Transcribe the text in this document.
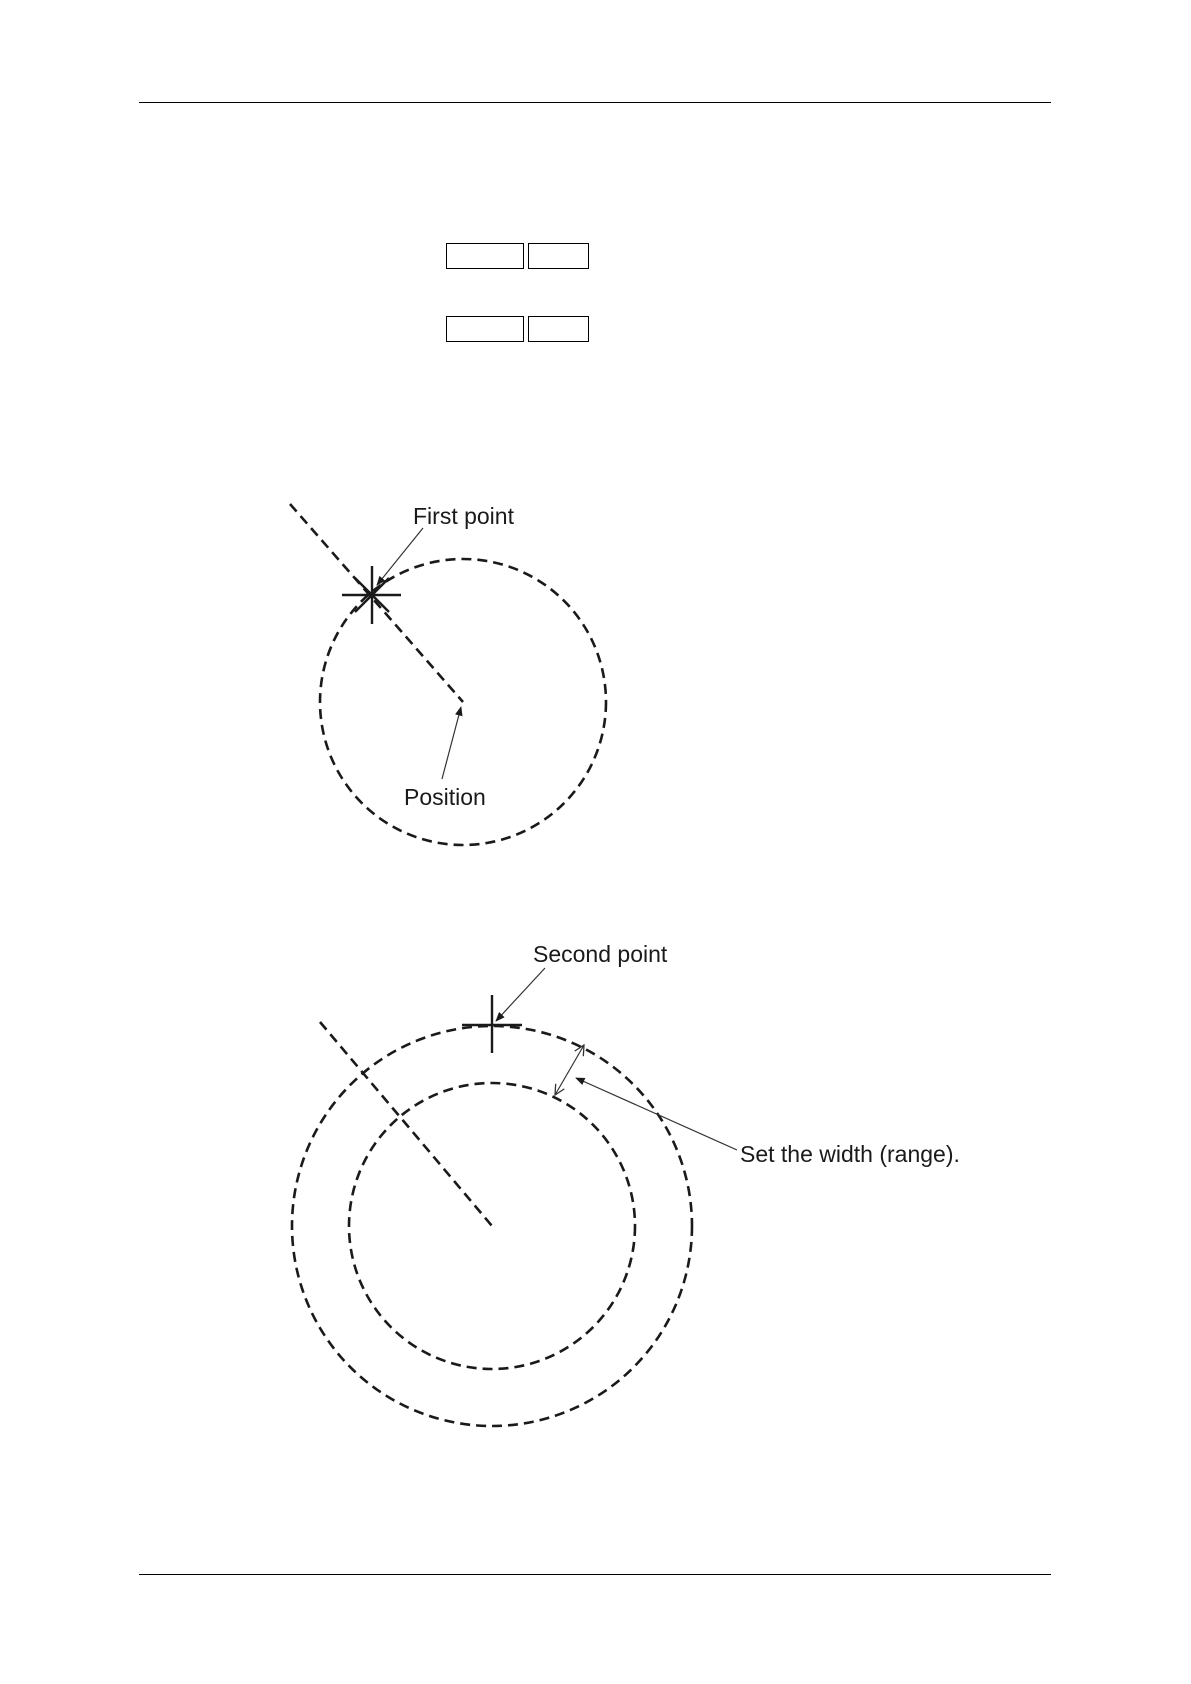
First point
Position
Second point
Set the width (range).
